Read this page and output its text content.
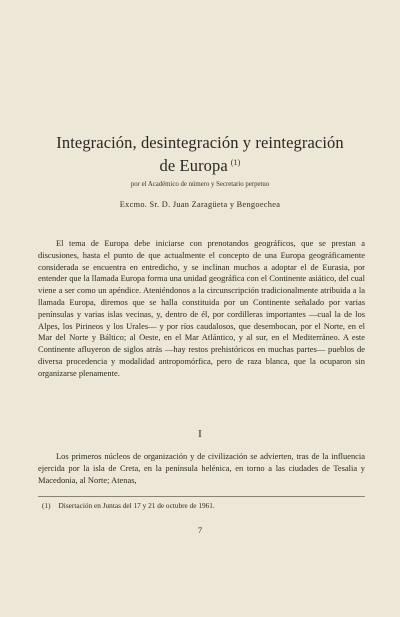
Integración, desintegración y reintegración
de Europa $^{(1)}$
por el Académico de número y Secretario perpetuo
Excmo. Sr. D. Juan Zaragüeta y Bengoechea

El tema de Europa debe iniciarse con prenotandos geográficos, que se prestan a discusiones, hasta el punto de que actualmente el concepto de una Europa geográficamente considerada se encuentra en entredicho, y se inclinan muchos a adoptar el de Eurasia, por entender que la llamada Europa forma una unidad geográfica con el Continente asiático, del cual viene a ser como un apéndice. Ateniéndonos a la circunscripción tradicionalmente atribuida a la llamada Europa, diremos que se halla constituida por un Continente señalado por varias penínsulas y varias islas vecinas, y, dentro de él, por cordilleras importantes —cual la de los Alpes, los Pirineos y los Urales— y por ríos caudalosos, que desembocan, por el Norte, en el Mar del Norte y Báltico; al Oeste, en el Mar Atlántico, y al sur, en el Mediterráneo. A este Continente afluyeron de siglos atrás —hay restos prehistóricos en muchas partes— pueblos de diversa procedencia y modalidad antropomórfica, pero de raza blanca, que la ocuparon sin organizarse plenamente.

I

Los primeros núcleos de organización y de civilización se advierten, tras de la influencia ejercida por la isla de Creta, en la península helénica, en torno a las ciudades de Tesalia y Macedonia, al Norte; Atenas,

(1) Disertación en Juntas del 17 y 21 de octubre de 1961.
7
